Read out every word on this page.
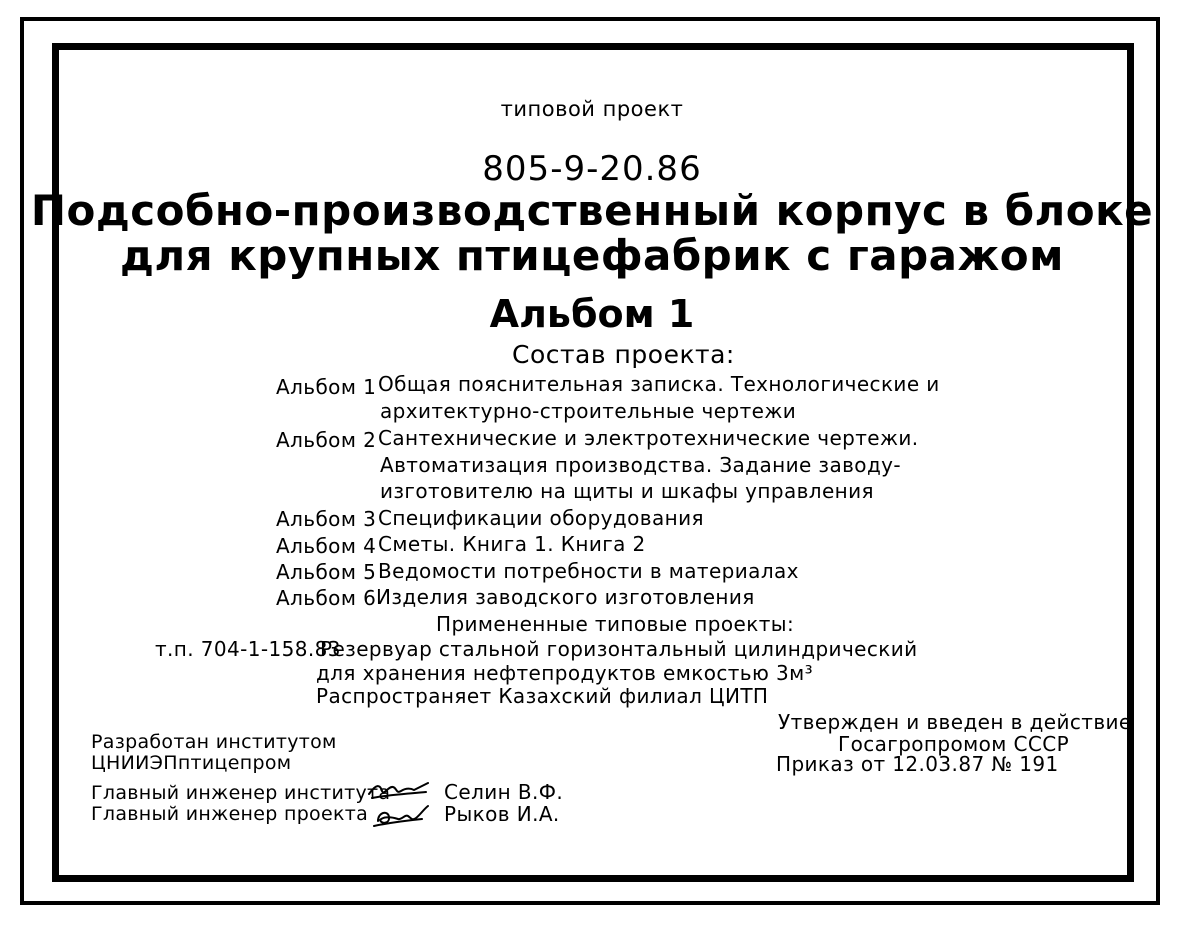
типовой проект
805-9-20.86
Подсобно-производственный корпус в блоке
для крупных птицефабрик с гаражом
Альбом 1
Состав проекта:
Альбом 1 Общая пояснительная записка. Технологические и
архитектурно-строительные чертежи
Альбом 2 Сантехнические и электротехнические чертежи.
Автоматизация производства. Задание заводу-
изготовителю на щиты и шкафы управления
Альбом 3 Спецификации оборудования
Альбом 4 Сметы. Книга 1. Книга 2
Альбом 5 Ведомости потребности в материалах
Альбом 6 Изделия заводского изготовления
Примененные типовые проекты:
т.п. 704-1-158.83
Резервуар стальной горизонтальный цилиндрический
для хранения нефтепродуктов емкостью 3м³
Распространяет Казахский филиал ЦИТП
Утвержден и введен в действие
Госагропромом СССР
Приказ от 12.03.87 № 191
Разработан институтом
ЦНИИЭПптицепром
Главный инженер института	Селин В.Ф.
Главный инженер проекта	Рыков И.А.
